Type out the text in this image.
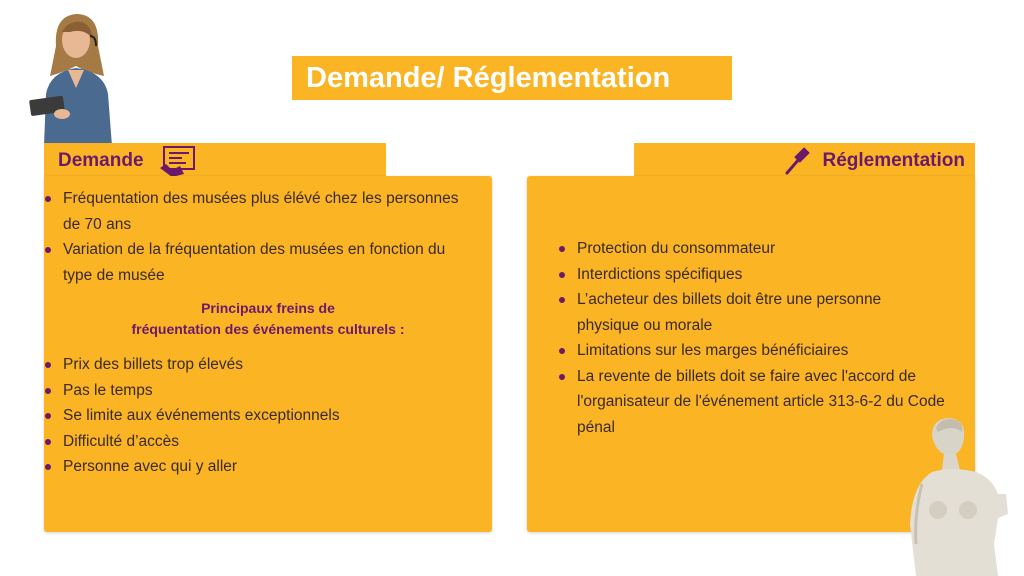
Demande/ Réglementation
Demande
Fréquentation des musées plus élévé chez les personnes de 70 ans
Variation de la fréquentation des musées en fonction du type de musée
Principaux freins de
fréquentation des événements culturels :
Prix des billets trop élevés
Pas le temps
Se limite aux événements exceptionnels
Difficulté d’accès
Personne avec qui y aller
Réglementation
Protection du consommateur
Interdictions spécifiques
L’acheteur des billets doit être une personne physique ou morale
Limitations sur les marges bénéficiaires
La revente de billets doit se faire avec l'accord de l'organisateur de l'événement article 313-6-2 du Code pénal
